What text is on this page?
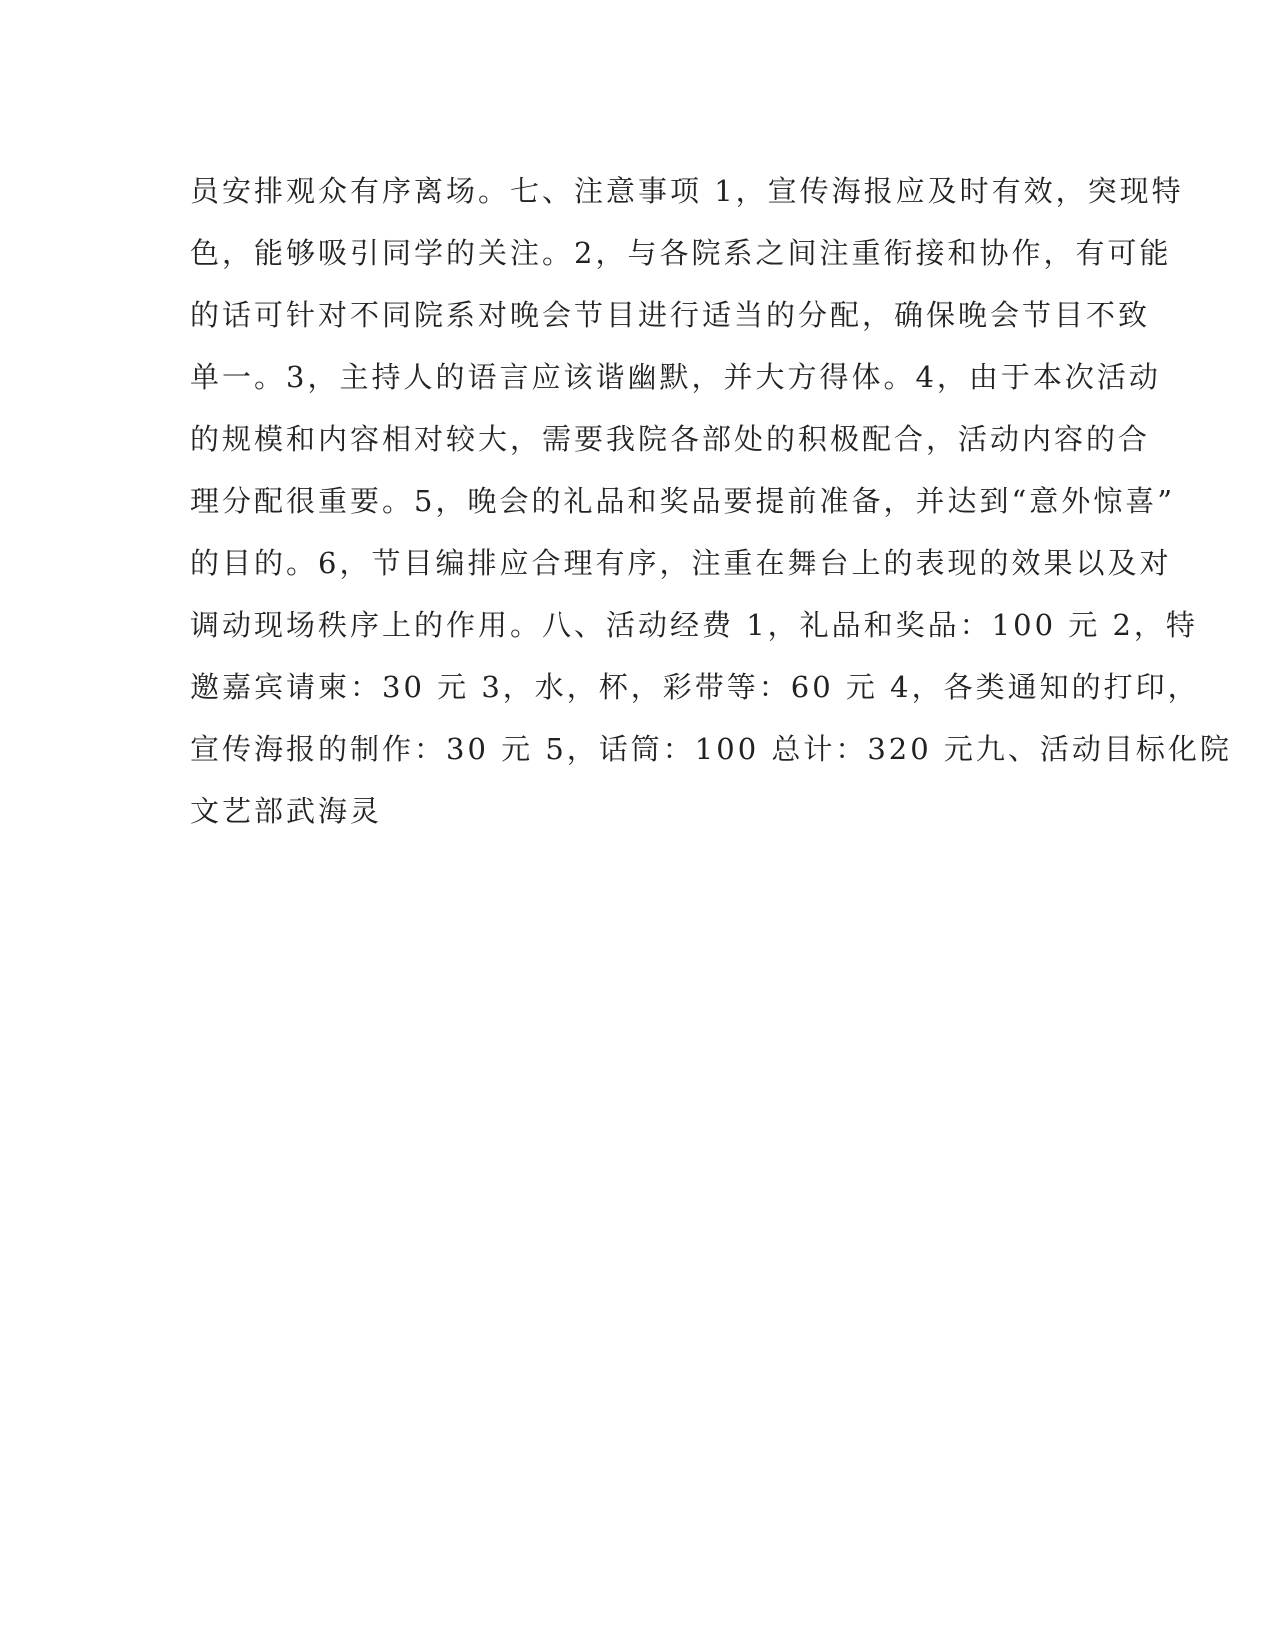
员安排观众有序离场。七、注意事项 1，宣传海报应及时有效，突现特
色，能够吸引同学的关注。2，与各院系之间注重衔接和协作，有可能
的话可针对不同院系对晚会节目进行适当的分配，确保晚会节目不致
单一。3，主持人的语言应该谐幽默，并大方得体。4，由于本次活动
的规模和内容相对较大，需要我院各部处的积极配合，活动内容的合
理分配很重要。5，晚会的礼品和奖品要提前准备，并达到“意外惊喜”
的目的。6，节目编排应合理有序，注重在舞台上的表现的效果以及对
调动现场秩序上的作用。八、活动经费 1，礼品和奖品：100 元 2，特
邀嘉宾请柬：30 元 3，水，杯，彩带等：60 元 4，各类通知的打印，
宣传海报的制作：30 元 5，话筒：100 总计：320 元九、活动目标化院
文艺部武海灵
